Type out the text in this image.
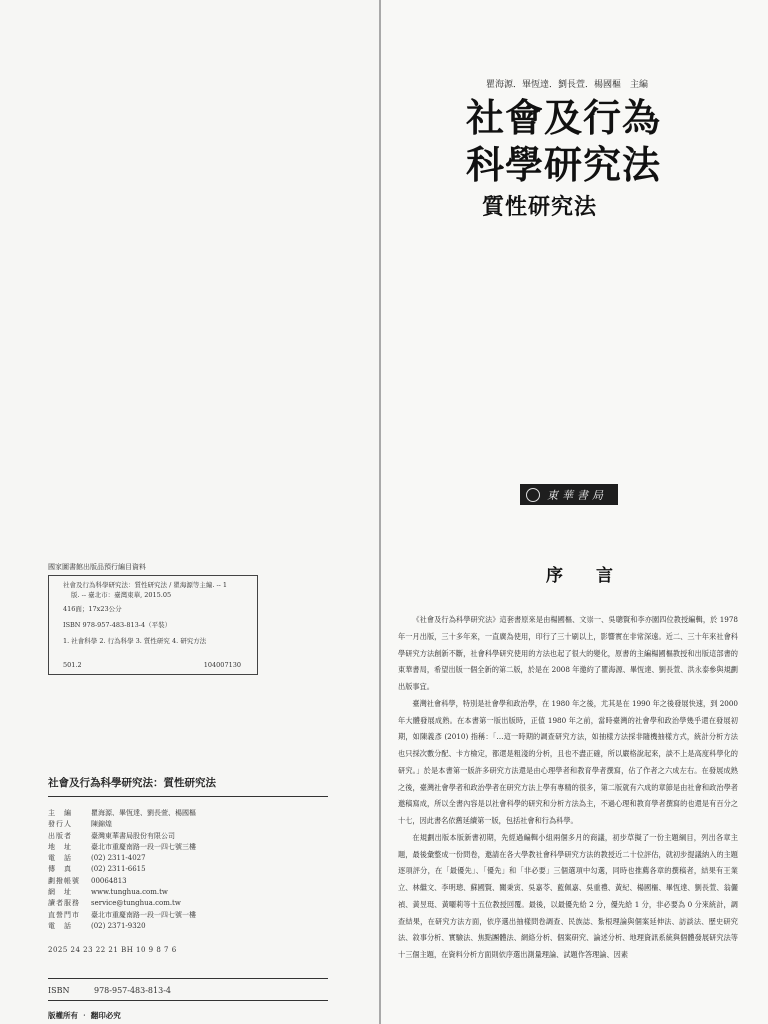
國家圖書館出版品預行編目資料
社會及行為科學研究法：質性研究法 / 瞿海源等主編. -- 1
版. -- 臺北市：臺灣東華, 2015.05
416面；17x23公分
ISBN 978-957-483-813-4（平裝）
1. 社會科學 2. 行為科學 3. 質性研究 4. 研究方法
501.2	104007130
社會及行為科學研究法：質性研究法
主　編	瞿海源、畢恆達、劉長萱、楊國樞
發行人	陳錦煌
出版者	臺灣東華書局股份有限公司
地　址	臺北市重慶南路一段一四七號三樓
電　話	(02) 2311-4027
傳　真	(02) 2311-6615
劃撥帳號	00064813
網　址	www.tunghua.com.tw
讀者服務	service@tunghua.com.tw
直營門市	臺北市重慶南路一段一四七號一樓
電　話	(02) 2371-9320
2025 24 23 22 21 BH 10 9 8 7 6
ISBN	978-957-483-813-4
版權所有 ‧ 翻印必究
瞿海源．畢恆達．劉長萱．楊國樞　主編
社會及行為
科學研究法
質性研究法
東華書局
序　言

《社會及行為科學研究法》這套書原來是由楊國樞、文崇一、吳聰賢和李亦園四位教授編輯，於 1978 年一月出版，三十多年來，一直廣為使用，印行了三十刷以上，影響實在非常深遠。近二、三十年來社會科學研究方法創新不斷，社會科學研究使用的方法也起了很大的變化，原書的主編楊國樞教授和出版這部書的東華書局，希望出版一個全新的第二版，於是在 2008 年邀約了瞿海源、畢恆達、劉長萱、洪永泰參與規劃出版事宜。

臺灣社會科學，特別是社會學和政治學，在 1980 年之後，尤其是在 1990 年之後發展快速，到 2000 年大體發展成熟。在本書第一版出版時，正值 1980 年之前，當時臺灣的社會學和政治學幾乎還在發展初期，如陳義彥 (2010) 指稱：「…這一時期的調查研究方法，如抽樣方法採非隨機抽樣方式，統計分析方法也只採次數分配、卡方檢定，都還是粗淺的分析，且也不盡正確，所以嚴格說起來，談不上是高度科學化的研究。」於是本書第一版許多研究方法還是由心理學者和教育學者撰寫，佔了作者之六成左右。在發展成熟之後，臺灣社會學者和政治學者在研究方法上學有專精的很多，第二版就有六成的章節是由社會和政治學者邀稿寫成，所以全書內容是以社會科學的研究和分析方法為主，不過心理和教育學者撰寫的也還是有百分之十七，因此書名依舊延續第一版，包括社會和行為科學。

在規劃出版本版新書初期，先經過編輯小組兩個多月的商議，初步草擬了一份主題綱目，列出各章主題，最後彙整成一份問卷，邀請在各大學教社會科學研究方法的教授近二十位評估，就初步提議納入的主題逐項評分，在「最優先」、「優先」和「非必要」三個選項中勾選，同時也推薦各章的撰稿者，結果有王業立、林繼文、李明璁、蘇國賢、關秉寅、吳嘉苓、藍佩嘉、吳重禮、黃紀、楊國樞、畢恆達、劉長萱、翁儷禎、黃昱珽、黃囇莉等十五位教授回覆。最後，以最優先給 2 分，優先給 1 分，非必要為 0 分來統計，調查結果，在研究方法方面，依序選出抽樣問卷調查、民族誌、紮根理論與個案延伸法、訪談法、歷史研究法、敘事分析、實驗法、焦點團體法、網絡分析、個案研究、論述分析、地理資訊系統與個體發展研究法等十三個主題，在資料分析方面則依序選出測量理論、試題作答理論、因素
